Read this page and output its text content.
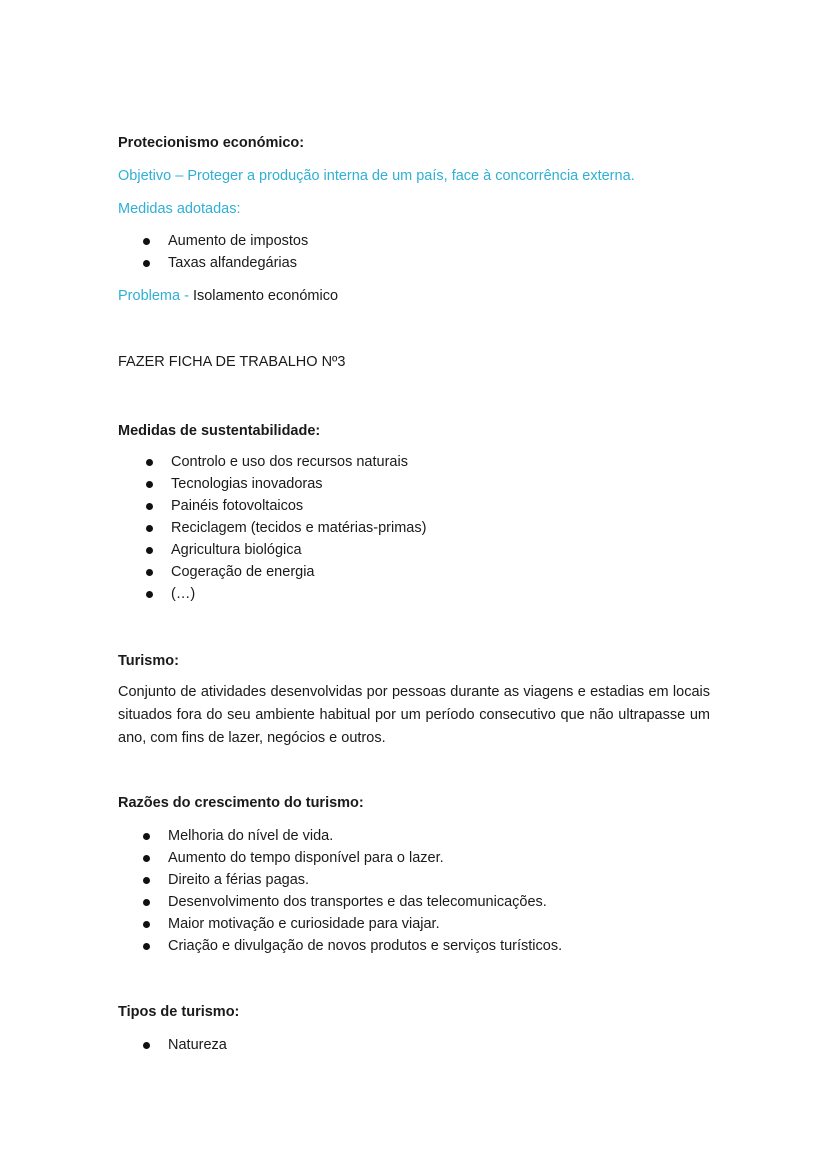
Protecionismo económico:

Objetivo – Proteger a produção interna de um país, face à concorrência externa.

Medidas adotadas:

Aumento de impostos
Taxas alfandegárias

Problema - Isolamento económico

FAZER FICHA DE TRABALHO Nº3

Medidas de sustentabilidade:

Controlo e uso dos recursos naturais
Tecnologias inovadoras
Painéis fotovoltaicos
Reciclagem (tecidos e matérias-primas)
Agricultura biológica
Cogeração de energia
(…)

Turismo:

Conjunto de atividades desenvolvidas por pessoas durante as viagens e estadias em locais situados fora do seu ambiente habitual por um período consecutivo que não ultrapasse um ano, com fins de lazer, negócios e outros.

Razões do crescimento do turismo:

Melhoria do nível de vida.
Aumento do tempo disponível para o lazer.
Direito a férias pagas.
Desenvolvimento dos transportes e das telecomunicações.
Maior motivação e curiosidade para viajar.
Criação e divulgação de novos produtos e serviços turísticos.

Tipos de turismo:

Natureza
